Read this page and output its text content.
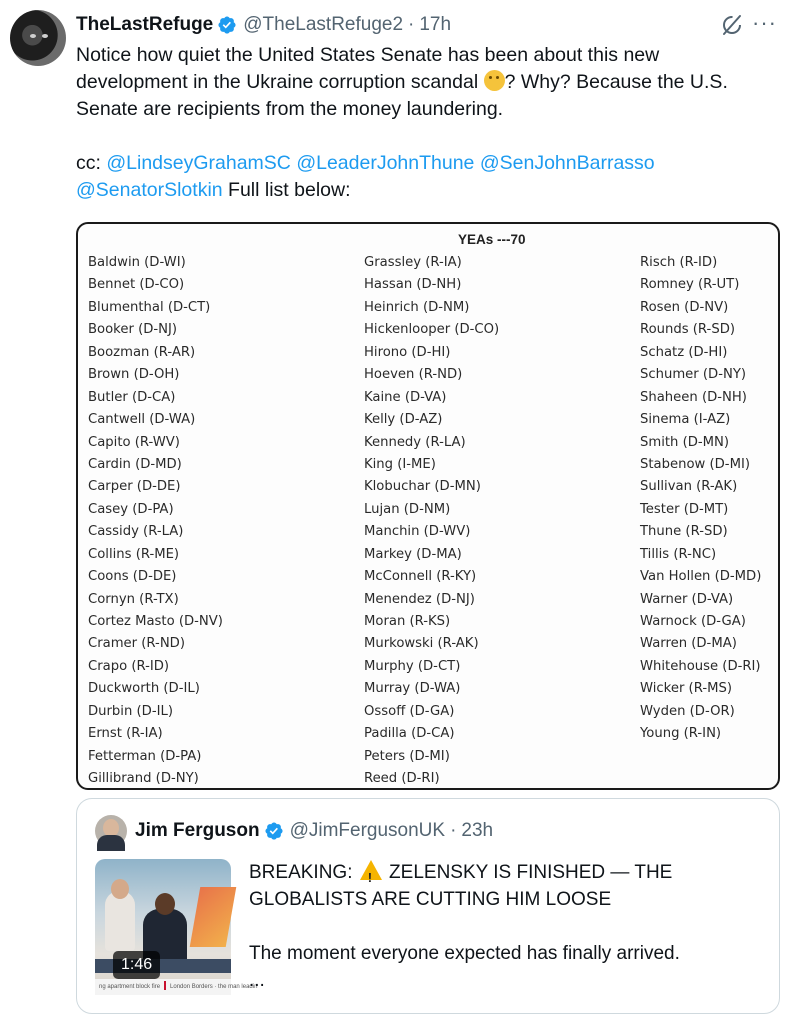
TheLastRefuge @TheLastRefuge2 · 17h	···
Notice how quiet the United States Senate has been about this new development in the Ukraine corruption scandal ? Why? Because the U.S. Senate are recipients from the money laundering.
cc: @LindseyGrahamSC @LeaderJohnThune @SenJohnBarrasso
@SenatorSlotkin Full list below:
YEAs ---70
Baldwin (D-WI)
Bennet (D-CO)
Blumenthal (D-CT)
Booker (D-NJ)
Boozman (R-AR)
Brown (D-OH)
Butler (D-CA)
Cantwell (D-WA)
Capito (R-WV)
Cardin (D-MD)
Carper (D-DE)
Casey (D-PA)
Cassidy (R-LA)
Collins (R-ME)
Coons (D-DE)
Cornyn (R-TX)
Cortez Masto (D-NV)
Cramer (R-ND)
Crapo (R-ID)
Duckworth (D-IL)
Durbin (D-IL)
Ernst (R-IA)
Fetterman (D-PA)
Gillibrand (D-NY)
Grassley (R-IA)
Hassan (D-NH)
Heinrich (D-NM)
Hickenlooper (D-CO)
Hirono (D-HI)
Hoeven (R-ND)
Kaine (D-VA)
Kelly (D-AZ)
Kennedy (R-LA)
King (I-ME)
Klobuchar (D-MN)
Lujan (D-NM)
Manchin (D-WV)
Markey (D-MA)
McConnell (R-KY)
Menendez (D-NJ)
Moran (R-KS)
Murkowski (R-AK)
Murphy (D-CT)
Murray (D-WA)
Ossoff (D-GA)
Padilla (D-CA)
Peters (D-MI)
Reed (D-RI)
Risch (R-ID)
Romney (R-UT)
Rosen (D-NV)
Rounds (R-SD)
Schatz (D-HI)
Schumer (D-NY)
Shaheen (D-NH)
Sinema (I-AZ)
Smith (D-MN)
Stabenow (D-MI)
Sullivan (R-AK)
Tester (D-MT)
Thune (R-SD)
Tillis (R-NC)
Van Hollen (D-MD)
Warner (D-VA)
Warnock (D-GA)
Warren (D-MA)
Whitehouse (D-RI)
Wicker (R-MS)
Wyden (D-OR)
Young (R-IN)
Jim Ferguson @JimFergusonUK · 23h
ng apartment block fire London Borders · the man leadin
1:46

BREAKING: ! ZELENSKY IS FINISHED — THE GLOBALISTS ARE CUTTING HIM LOOSE

The moment everyone expected has finally arrived.
...
